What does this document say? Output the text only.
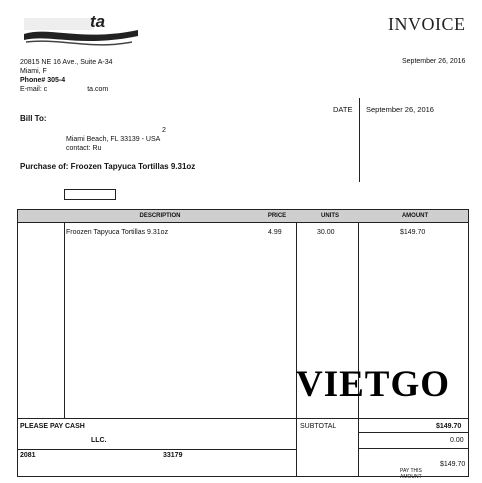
ta	INVOICE
20815 NE 16 Ave., Suite A-34
Miami, F
Phone# 305-4
E-mail: c	ta.com
September 26, 2016
DATE September 26, 2016
Bill To:
2
Miami Beach, FL 33139 - USA
contact: Ru
Purchase of: Froozen Tapyuca Tortillas 9.31oz
DESCRIPTION	PRICE	UNITS	AMOUNT
Froozen Tapyuca Tortillas 9.31oz	4.99	30.00	$149.70
VIETGO
PLEASE PAY CASH
LLC.
2081	33179
SUBTOTAL	$149.70
0.00
$149.70
PAY THIS
AMOUNT
